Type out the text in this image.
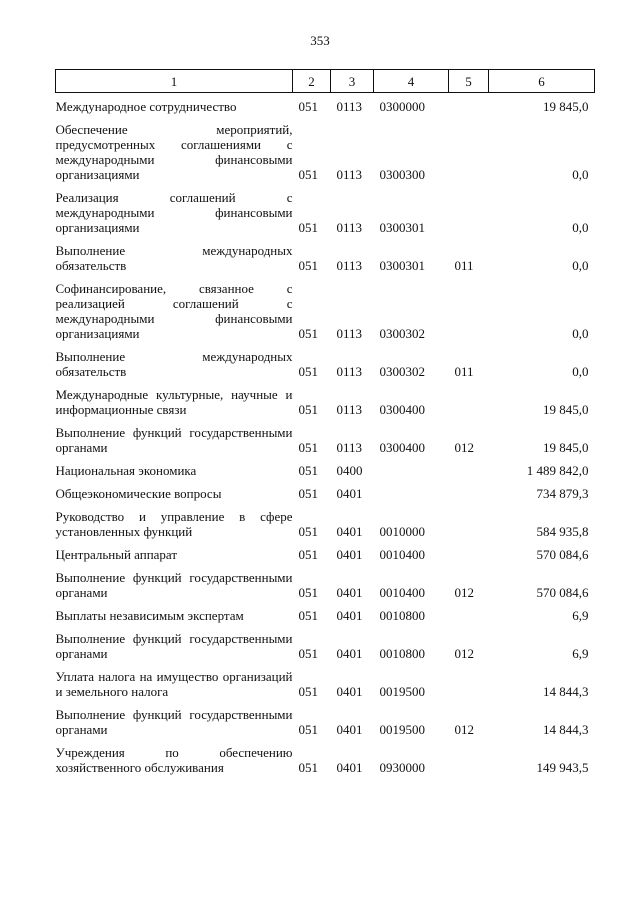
353
1	2	3	4	5	6
Международное сотрудничество	051	0113	0300000		19 845,0
Обеспечение мероприятий, предусмотренных соглашениями с международными финансовыми организациями	051	0113	0300300		0,0
Реализация соглашений с международными финансовыми организациями	051	0113	0300301		0,0
Выполнение международных обязательств	051	0113	0300301	011	0,0
Софинансирование, связанное с реализацией соглашений с международными финансовыми организациями	051	0113	0300302		0,0
Выполнение международных обязательств	051	0113	0300302	011	0,0
Международные культурные, научные и информационные связи	051	0113	0300400		19 845,0
Выполнение функций государственными органами	051	0113	0300400	012	19 845,0
Национальная экономика	051	0400			1 489 842,0
Общеэкономические вопросы	051	0401			734 879,3
Руководство и управление в сфере установленных функций	051	0401	0010000		584 935,8
Центральный аппарат	051	0401	0010400		570 084,6
Выполнение функций государственными органами	051	0401	0010400	012	570 084,6
Выплаты независимым экспертам	051	0401	0010800		6,9
Выполнение функций государственными органами	051	0401	0010800	012	6,9
Уплата налога на имущество организаций и земельного налога	051	0401	0019500		14 844,3
Выполнение функций государственными органами	051	0401	0019500	012	14 844,3
Учреждения по обеспечению хозяйственного обслуживания	051	0401	0930000		149 943,5
